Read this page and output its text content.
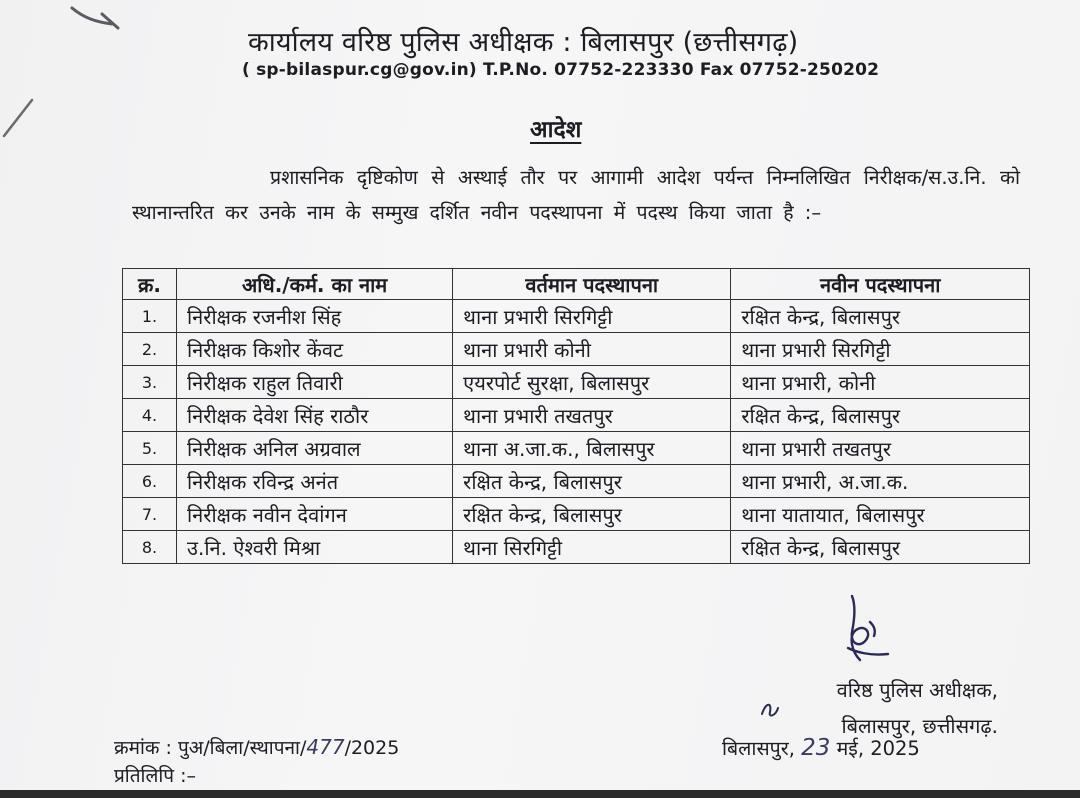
कार्यालय वरिष्ठ पुलिस अधीक्षक : बिलासपुर (छत्तीसगढ़)
( sp-bilaspur.cg@gov.in) T.P.No. 07752-223330 Fax 07752-250202
आदेश
प्रशासनिक दृष्टिकोण से अस्थाई तौर पर आगामी आदेश पर्यन्त निम्नलिखित निरीक्षक/स.उ.नि. को स्थानान्तरित कर उनके नाम के सम्मुख दर्शित नवीन पदस्थापना में पदस्थ किया जाता है :–
क्र.	अधि./कर्म. का नाम	वर्तमान पदस्थापना	नवीन पदस्थापना
1.	निरीक्षक रजनीश सिंह	थाना प्रभारी सिरगिट्टी	रक्षित केन्द्र, बिलासपुर
2.	निरीक्षक किशोर केंवट	थाना प्रभारी कोनी	थाना प्रभारी सिरगिट्टी
3.	निरीक्षक राहुल तिवारी	एयरपोर्ट सुरक्षा, बिलासपुर	थाना प्रभारी, कोनी
4.	निरीक्षक देवेश सिंह राठौर	थाना प्रभारी तखतपुर	रक्षित केन्द्र, बिलासपुर
5.	निरीक्षक अनिल अग्रवाल	थाना अ.जा.क., बिलासपुर	थाना प्रभारी तखतपुर
6.	निरीक्षक रविन्द्र अनंत	रक्षित केन्द्र, बिलासपुर	थाना प्रभारी, अ.जा.क.
7.	निरीक्षक नवीन देवांगन	रक्षित केन्द्र, बिलासपुर	थाना यातायात, बिलासपुर
8.	उ.नि. ऐश्वरी मिश्रा	थाना सिरगिट्टी	रक्षित केन्द्र, बिलासपुर
वरिष्ठ पुलिस अधीक्षक,
बिलासपुर, छत्तीसगढ़.
क्रमांक : पुअ/बिला/स्थापना/477/2025	बिलासपुर, 23 मई, 2025
प्रतिलिपि :–
